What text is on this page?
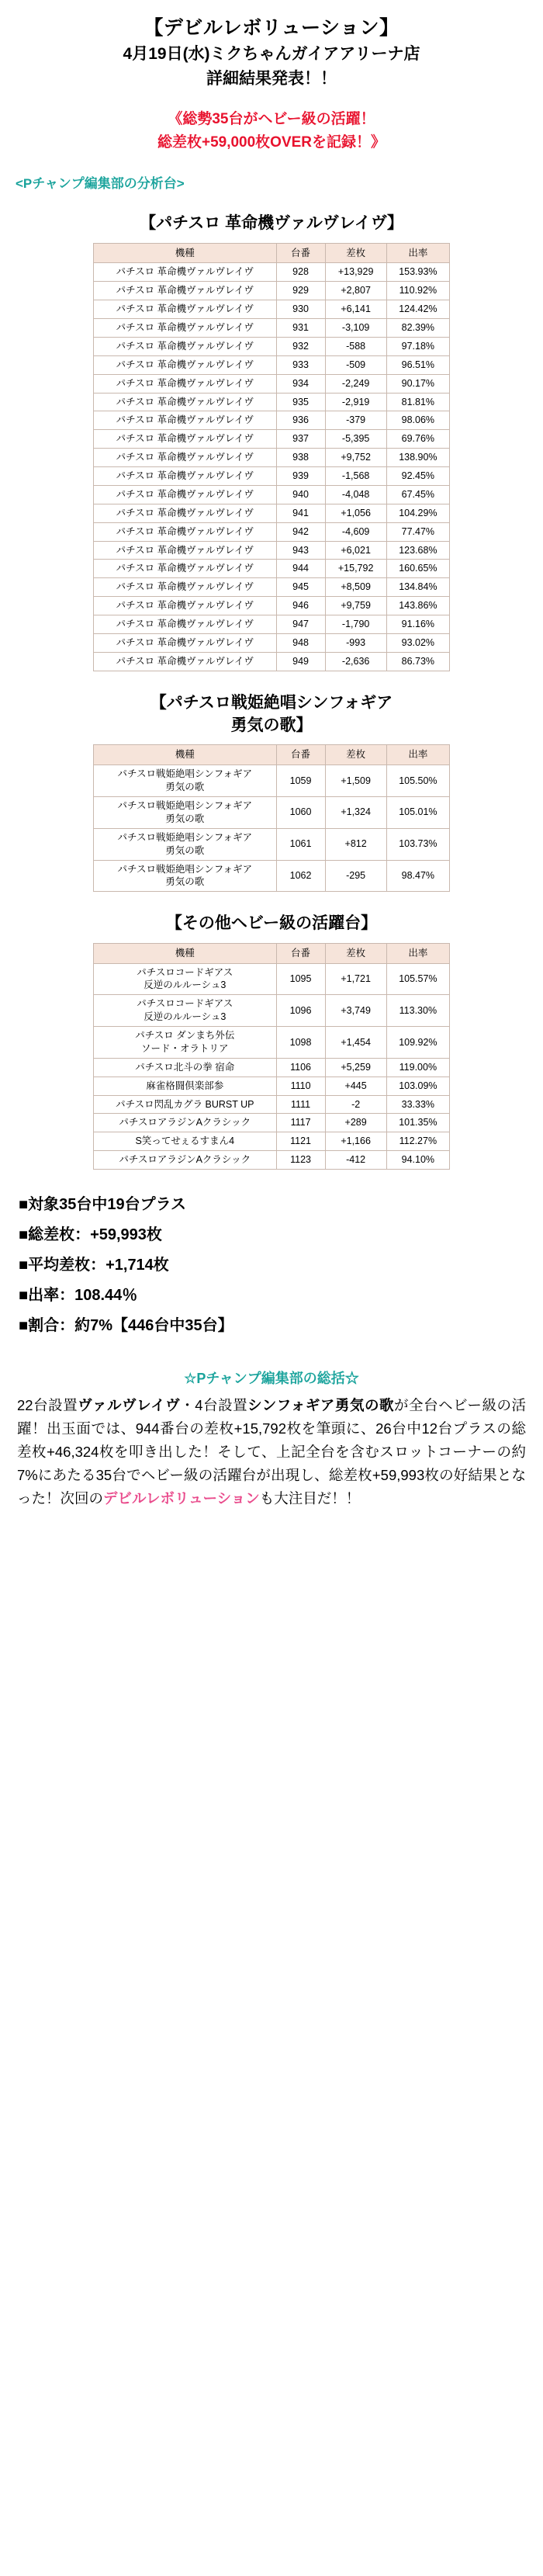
【デビルレボリューション】
4月19日(水)ミクちゃんガイアアリーナ店
詳細結果発表！！
《総勢35台がヘビー級の活躍！
総差枚+59,000枚OVERを記録！》
<Pチャンプ編集部の分析台>
【パチスロ 革命機ヴァルヴレイヴ】
機種	台番	差枚	出率
パチスロ 革命機ヴァルヴレイヴ	928	+13,929	153.93%
パチスロ 革命機ヴァルヴレイヴ	929	+2,807	110.92%
パチスロ 革命機ヴァルヴレイヴ	930	+6,141	124.42%
パチスロ 革命機ヴァルヴレイヴ	931	-3,109	82.39%
パチスロ 革命機ヴァルヴレイヴ	932	-588	97.18%
パチスロ 革命機ヴァルヴレイヴ	933	-509	96.51%
パチスロ 革命機ヴァルヴレイヴ	934	-2,249	90.17%
パチスロ 革命機ヴァルヴレイヴ	935	-2,919	81.81%
パチスロ 革命機ヴァルヴレイヴ	936	-379	98.06%
パチスロ 革命機ヴァルヴレイヴ	937	-5,395	69.76%
パチスロ 革命機ヴァルヴレイヴ	938	+9,752	138.90%
パチスロ 革命機ヴァルヴレイヴ	939	-1,568	92.45%
パチスロ 革命機ヴァルヴレイヴ	940	-4,048	67.45%
パチスロ 革命機ヴァルヴレイヴ	941	+1,056	104.29%
パチスロ 革命機ヴァルヴレイヴ	942	-4,609	77.47%
パチスロ 革命機ヴァルヴレイヴ	943	+6,021	123.68%
パチスロ 革命機ヴァルヴレイヴ	944	+15,792	160.65%
パチスロ 革命機ヴァルヴレイヴ	945	+8,509	134.84%
パチスロ 革命機ヴァルヴレイヴ	946	+9,759	143.86%
パチスロ 革命機ヴァルヴレイヴ	947	-1,790	91.16%
パチスロ 革命機ヴァルヴレイヴ	948	-993	93.02%
パチスロ 革命機ヴァルヴレイヴ	949	-2,636	86.73%
【パチスロ戦姫絶唱シンフォギア
勇気の歌】
機種	台番	差枚	出率
パチスロ戦姫絶唱シンフォギア
勇気の歌	1059	+1,509	105.50%
パチスロ戦姫絶唱シンフォギア
勇気の歌	1060	+1,324	105.01%
パチスロ戦姫絶唱シンフォギア
勇気の歌	1061	+812	103.73%
パチスロ戦姫絶唱シンフォギア
勇気の歌	1062	-295	98.47%
【その他ヘビー級の活躍台】
機種	台番	差枚	出率
パチスロコードギアス
反逆のルルーシュ3	1095	+1,721	105.57%
パチスロコードギアス
反逆のルルーシュ3	1096	+3,749	113.30%
パチスロ ダンまち外伝
ソード・オラトリア	1098	+1,454	109.92%
パチスロ北斗の拳 宿命	1106	+5,259	119.00%
麻雀格闘倶楽部参	1110	+445	103.09%
パチスロ閃乱カグラ BURST UP	1111	-2	33.33%
パチスロアラジンAクラシック	1117	+289	101.35%
S笑ってせぇるすまん4	1121	+1,166	112.27%
パチスロアラジンAクラシック	1123	-412	94.10%
■対象35台中19台プラス
■総差枚：+59,993枚
■平均差枚：+1,714枚
■出率：108.44％
■割合：約7%【446台中35台】
☆Pチャンプ編集部の総括☆
22台設置ヴァルヴレイヴ・4台設置シンフォギア勇気の歌が全台ヘビー級の活躍！出玉面では、944番台の差枚+15,792枚を筆頭に、26台中12台プラスの総差枚+46,324枚を叩き出した！そして、上記全台を含むスロットコーナーの約7%にあたる35台でヘビー級の活躍台が出現し、総差枚+59,993枚の好結果となった！次回のデビルレボリューションも大注目だ！！
